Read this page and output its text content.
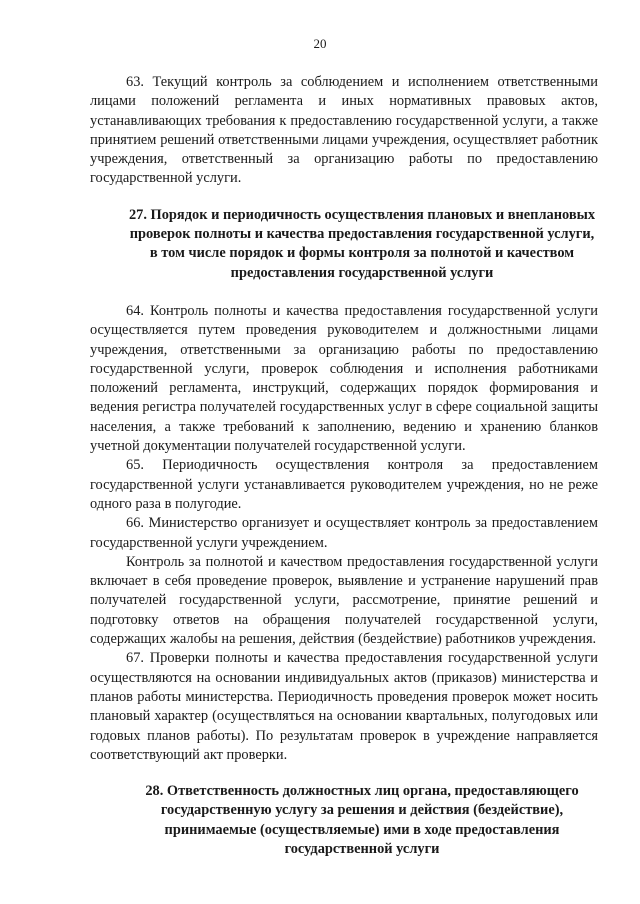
20

63. Текущий контроль за соблюдением и исполнением ответственными лицами положений регламента и иных нормативных правовых актов, устанавливающих требования к предоставлению государственной услуги, а также принятием решений ответственными лицами учреждения, осуществляет работник учреждения, ответственный за организацию работы по предоставлению государственной услуги.

27. Порядок и периодичность осуществления плановых и внеплановых проверок полноты и качества предоставления государственной услуги, в том числе порядок и формы контроля за полнотой и качеством предоставления государственной услуги

64. Контроль полноты и качества предоставления государственной услуги осуществляется путем проведения руководителем и должностными лицами учреждения, ответственными за организацию работы по предоставлению государственной услуги, проверок соблюдения и исполнения работниками положений регламента, инструкций, содержащих порядок формирования и ведения регистра получателей государственных услуг в сфере социальной защиты населения, а также требований к заполнению, ведению и хранению бланков учетной документации получателей государственной услуги.

65. Периодичность осуществления контроля за предоставлением государственной услуги устанавливается руководителем учреждения, но не реже одного раза в полугодие.

66. Министерство организует и осуществляет контроль за предоставлением государственной услуги учреждением.

Контроль за полнотой и качеством предоставления государственной услуги включает в себя проведение проверок, выявление и устранение нарушений прав получателей государственной услуги, рассмотрение, принятие решений и подготовку ответов на обращения получателей государственной услуги, содержащих жалобы на решения, действия (бездействие) работников учреждения.

67. Проверки полноты и качества предоставления государственной услуги осуществляются на основании индивидуальных актов (приказов) министерства и планов работы министерства. Периодичность проведения проверок может носить плановый характер (осуществляться на основании квартальных, полугодовых или годовых планов работы). По результатам проверок в учреждение направляется соответствующий акт проверки.

28. Ответственность должностных лиц органа, предоставляющего государственную услугу за решения и действия (бездействие), принимаемые (осуществляемые) ими в ходе предоставления государственной услуги
